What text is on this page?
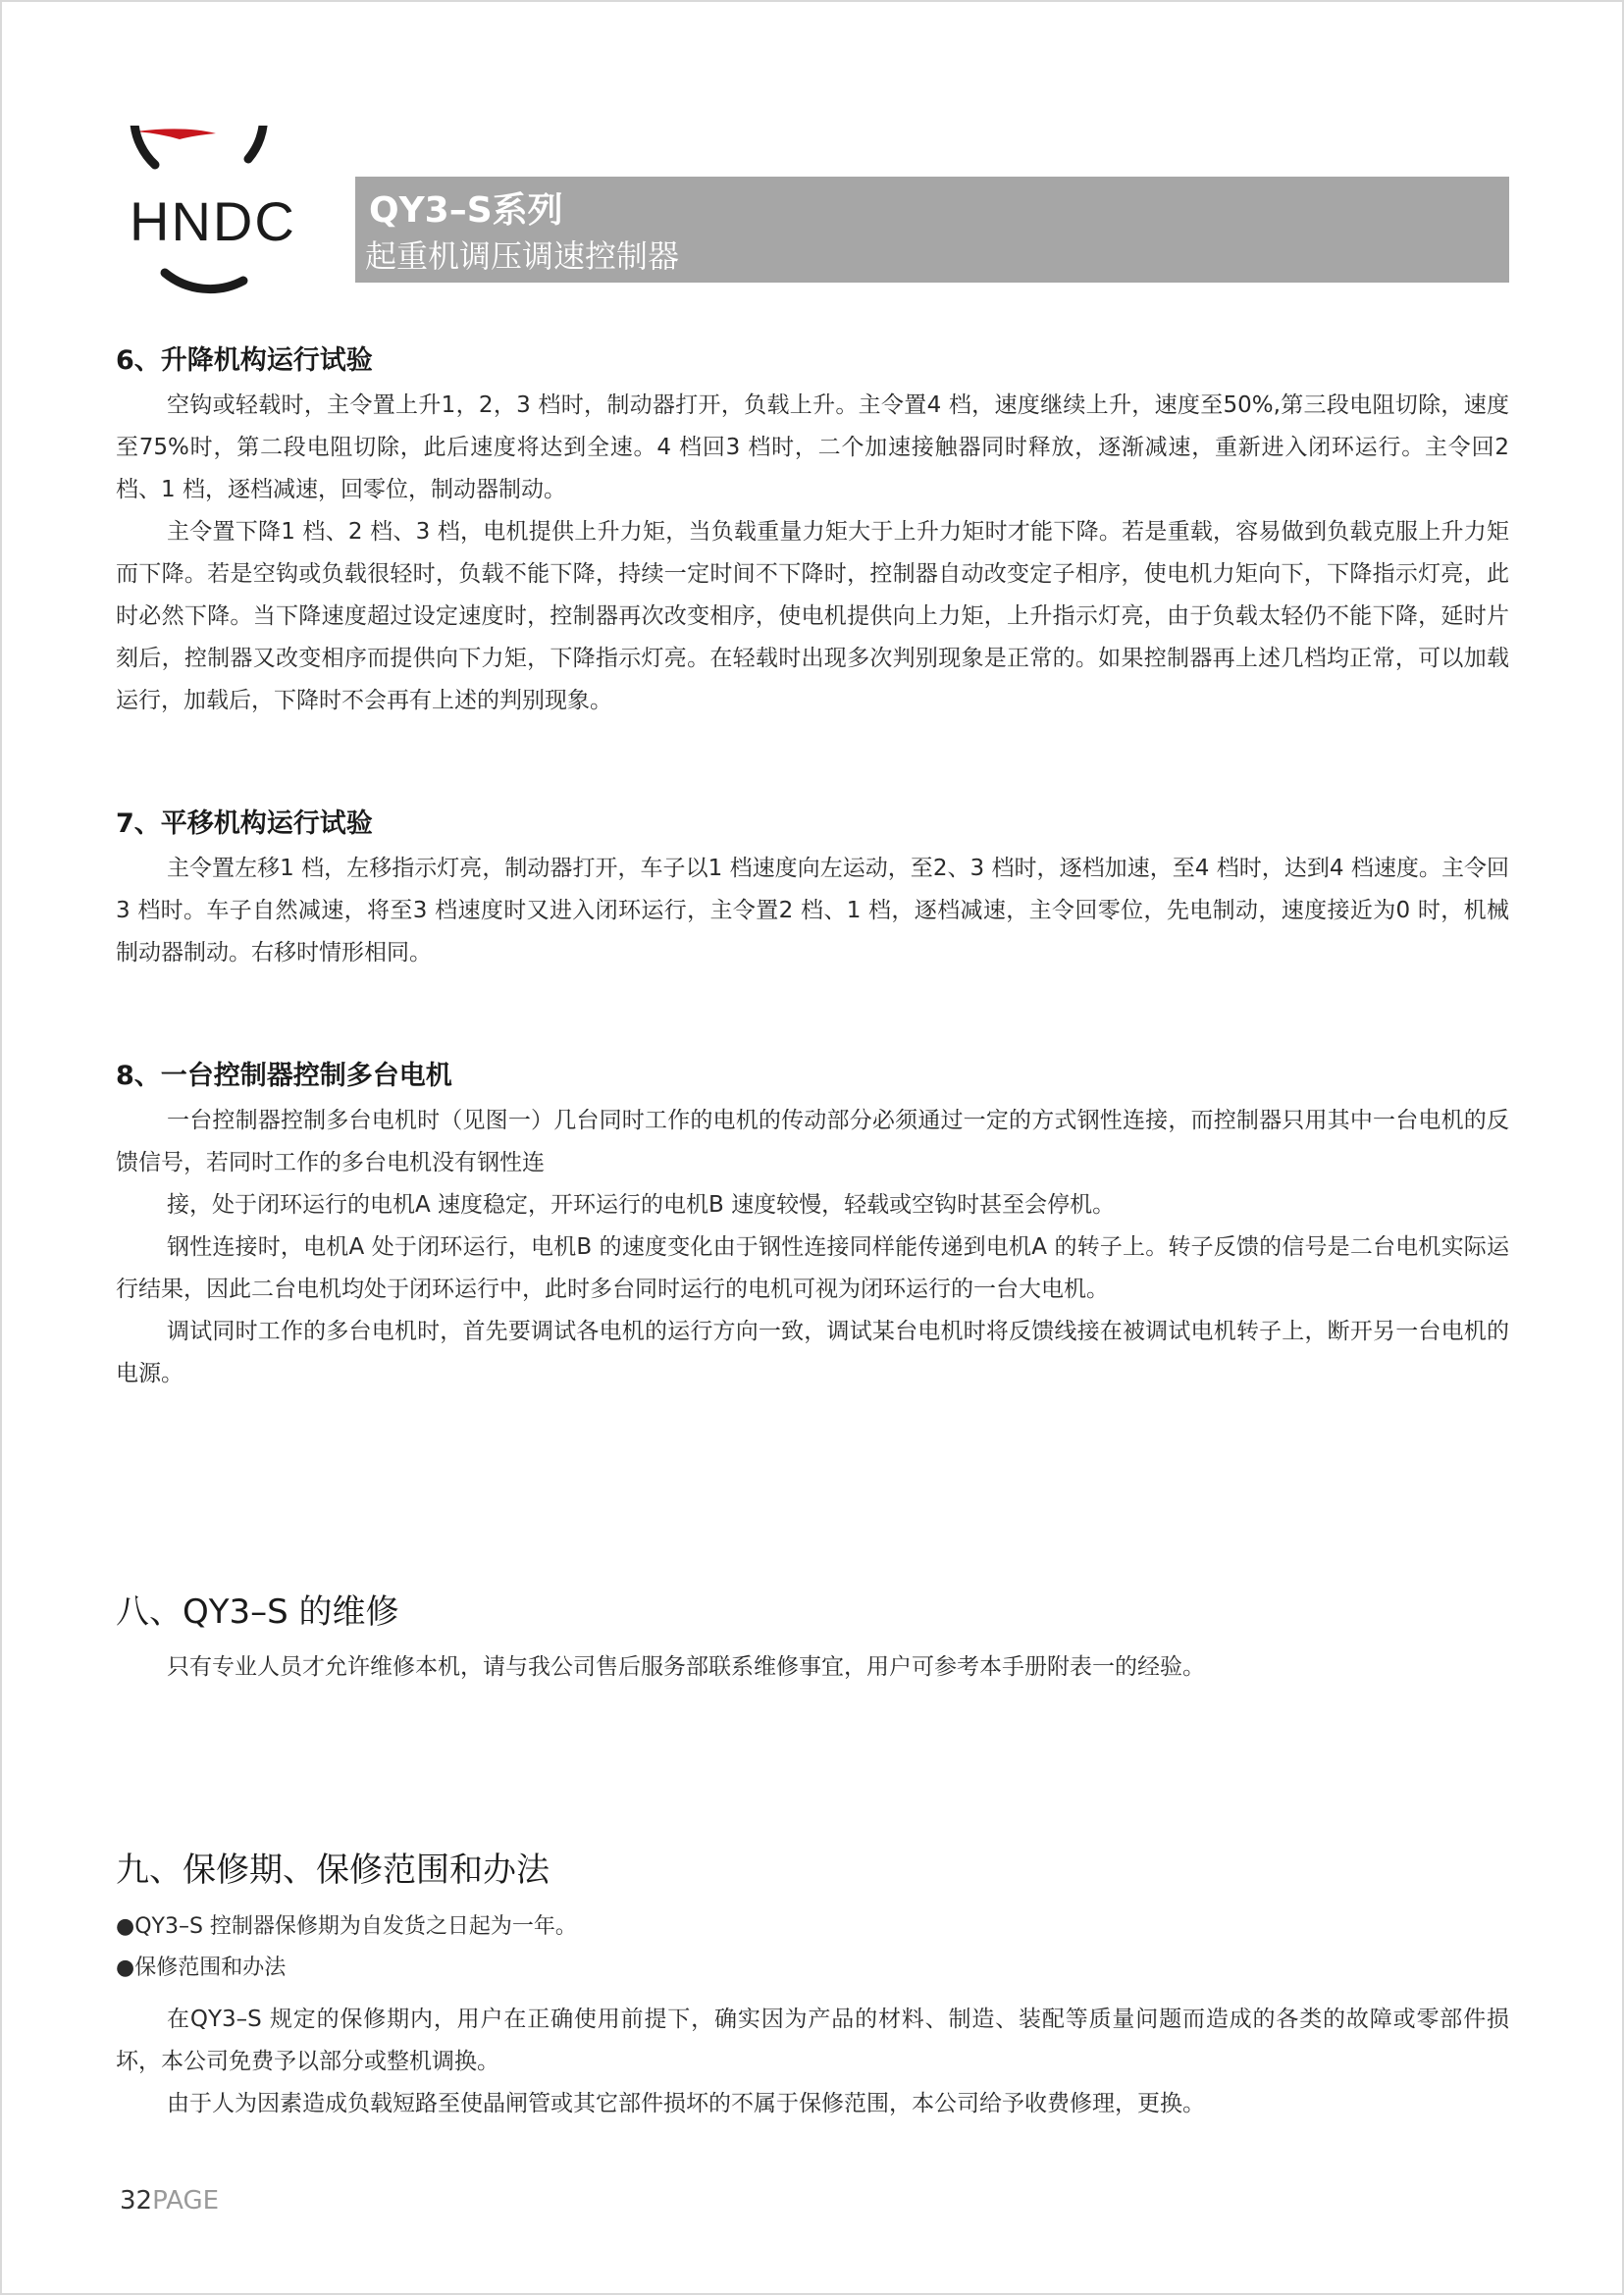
HNDC QY3–S系列
起重机调压调速控制器
6、升降机构运行试验

空钩或轻载时，主令置上升1，2，3 档时，制动器打开，负载上升。主令置4 档，速度继续上升，速度至50%,第三段电阻切除，速度至75%时，第二段电阻切除，此后速度将达到全速。4 档回3 档时，二个加速接触器同时释放，逐渐减速，重新进入闭环运行。主令回2 档、1 档，逐档减速，回零位，制动器制动。

主令置下降1 档、2 档、3 档，电机提供上升力矩，当负载重量力矩大于上升力矩时才能下降。若是重载，容易做到负载克服上升力矩而下降。若是空钩或负载很轻时，负载不能下降，持续一定时间不下降时，控制器自动改变定子相序，使电机力矩向下，下降指示灯亮，此时必然下降。当下降速度超过设定速度时，控制器再次改变相序，使电机提供向上力矩，上升指示灯亮，由于负载太轻仍不能下降，延时片刻后，控制器又改变相序而提供向下力矩，下降指示灯亮。在轻载时出现多次判别现象是正常的。如果控制器再上述几档均正常，可以加载运行，加载后，下降时不会再有上述的判别现象。

7、平移机构运行试验

主令置左移1 档，左移指示灯亮，制动器打开，车子以1 档速度向左运动，至2、3 档时，逐档加速，至4 档时，达到4 档速度。主令回3 档时。车子自然减速，将至3 档速度时又进入闭环运行，主令置2 档、1 档，逐档减速，主令回零位，先电制动，速度接近为0 时，机械制动器制动。右移时情形相同。

8、一台控制器控制多台电机

一台控制器控制多台电机时（见图一）几台同时工作的电机的传动部分必须通过一定的方式钢性连接，而控制器只用其中一台电机的反馈信号，若同时工作的多台电机没有钢性连

接，处于闭环运行的电机A 速度稳定，开环运行的电机B 速度较慢，轻载或空钩时甚至会停机。

钢性连接时，电机A 处于闭环运行，电机B 的速度变化由于钢性连接同样能传递到电机A 的转子上。转子反馈的信号是二台电机实际运行结果，因此二台电机均处于闭环运行中，此时多台同时运行的电机可视为闭环运行的一台大电机。

调试同时工作的多台电机时，首先要调试各电机的运行方向一致，调试某台电机时将反馈线接在被调试电机转子上，断开另一台电机的电源。

八、QY3–S 的维修

只有专业人员才允许维修本机，请与我公司售后服务部联系维修事宜，用户可参考本手册附表一的经验。

九、保修期、保修范围和办法

●QY3–S 控制器保修期为自发货之日起为一年。

●保修范围和办法

在QY3–S 规定的保修期内，用户在正确使用前提下，确实因为产品的材料、制造、装配等质量问题而造成的各类的故障或零部件损坏，本公司免费予以部分或整机调换。

由于人为因素造成负载短路至使晶闸管或其它部件损坏的不属于保修范围，本公司给予收费修理，更换。

32PAGE
